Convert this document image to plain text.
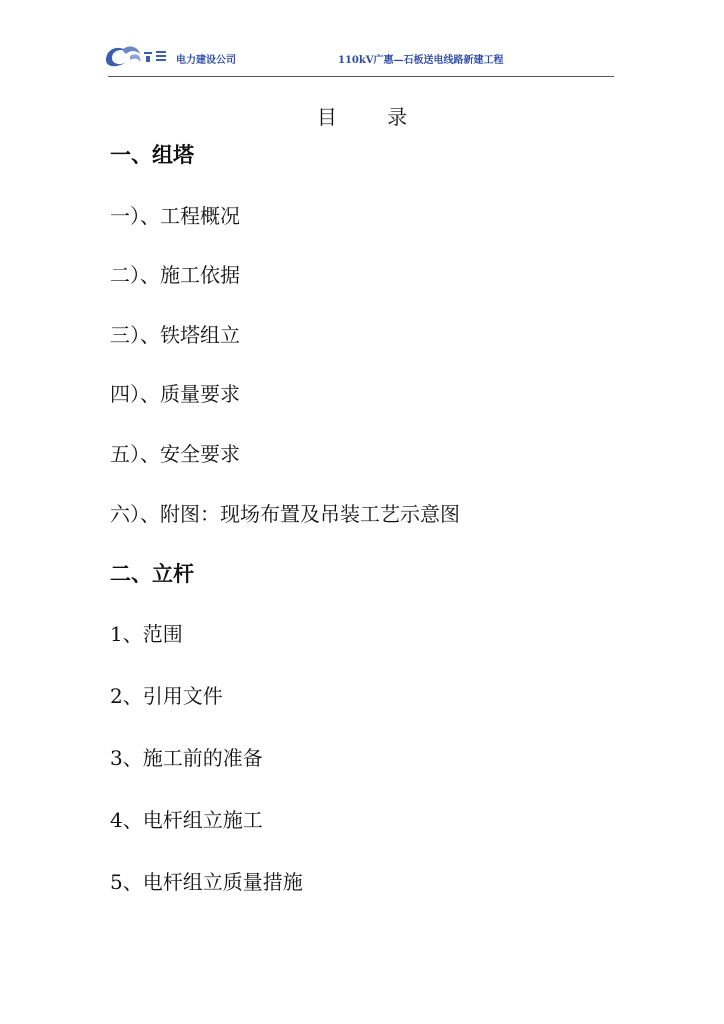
电力建设公司	110kV广惠—石板送电线路新建工程
目 录
一、组塔
一）、工程概况
二）、施工依据
三）、铁塔组立
四）、质量要求
五）、安全要求
六）、附图：现场布置及吊装工艺示意图
二、立杆
1、范围
2、引用文件
3、施工前的准备
4、电杆组立施工
5、电杆组立质量措施
